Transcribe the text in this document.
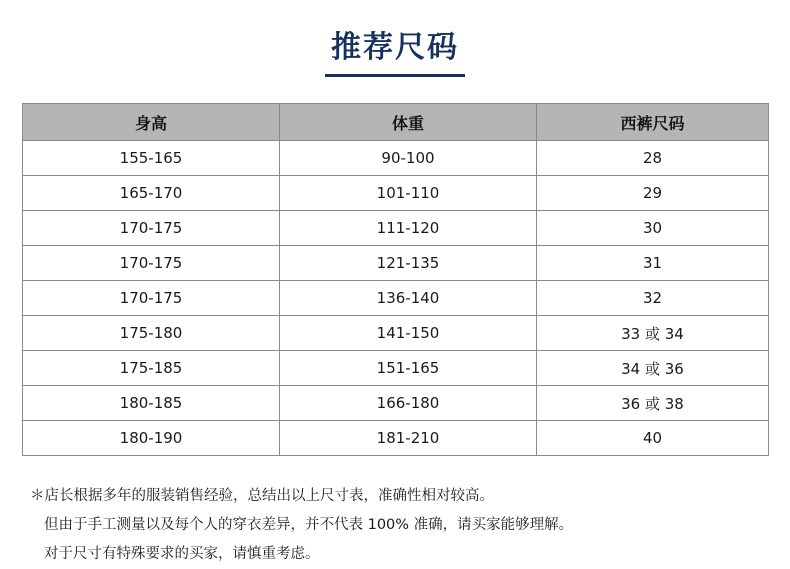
推荐尺码
身高	体重	西裤尺码
155-165	90-100	28
165-170	101-110	29
170-175	111-120	30
170-175	121-135	31
170-175	136-140	32
175-180	141-150	33 或 34
175-185	151-165	34 或 36
180-185	166-180	36 或 38
180-190	181-210	40
＊店长根据多年的服装销售经验，总结出以上尺寸表，准确性相对较高。
但由于手工测量以及每个人的穿衣差异，并不代表 100% 准确，请买家能够理解。
对于尺寸有特殊要求的买家，请慎重考虑。
